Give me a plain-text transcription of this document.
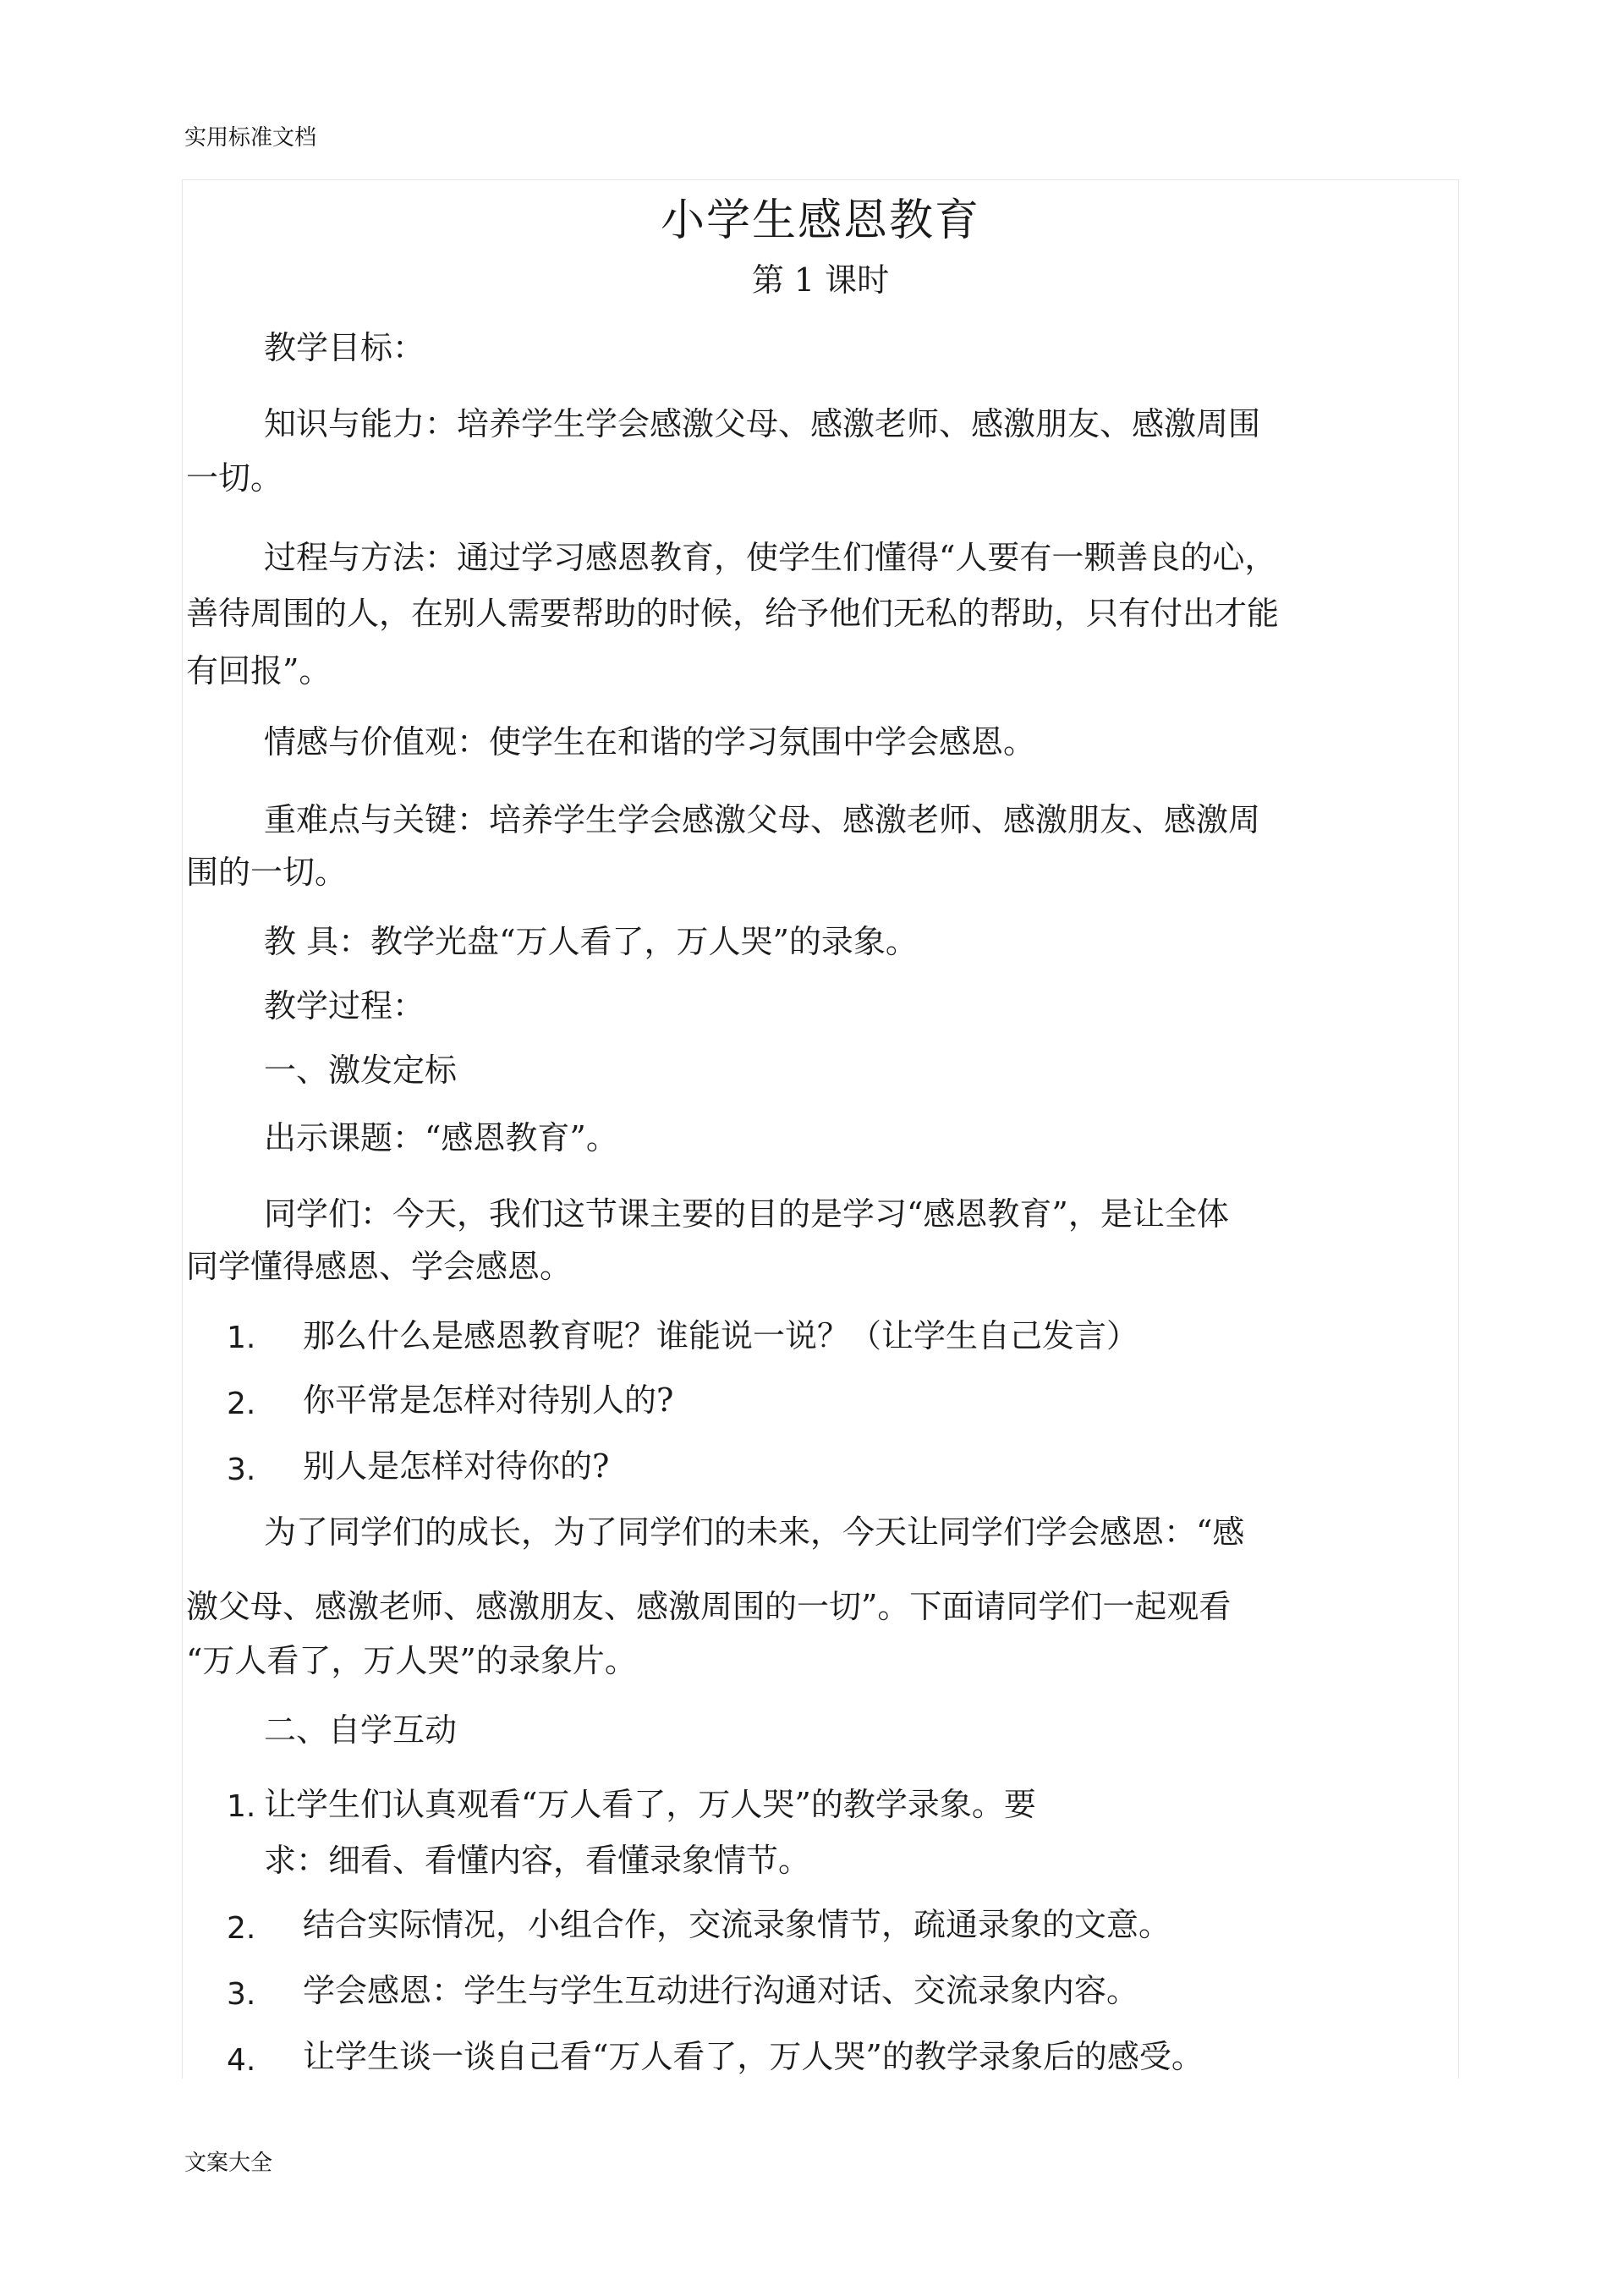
实用标准文档
小学生感恩教育
第 1 课时
教学目标：
知识与能力：培养学生学会感激父母、感激老师、感激朋友、感激周围
一切。
过程与方法：通过学习感恩教育，使学生们懂得“人要有一颗善良的心，
善待周围的人，在别人需要帮助的时候，给予他们无私的帮助，只有付出才能
有回报”。
情感与价值观：使学生在和谐的学习氛围中学会感恩。
重难点与关键：培养学生学会感激父母、感激老师、感激朋友、感激周
围的一切。
教 具：教学光盘“万人看了，万人哭”的录象。
教学过程：
一、激发定标
出示课题：“感恩教育”。
同学们：今天，我们这节课主要的目的是学习“感恩教育”，是让全体
同学懂得感恩、学会感恩。
1. 那么什么是感恩教育呢？谁能说一说？（让学生自己发言）
2. 你平常是怎样对待别人的?
3. 别人是怎样对待你的?
为了同学们的成长，为了同学们的未来，今天让同学们学会感恩：“感
激父母、感激老师、感激朋友、感激周围的一切”。下面请同学们一起观看
“万人看了，万人哭”的录象片。
二、自学互动
1. 让学生们认真观看“万人看了，万人哭”的教学录象。要
求：细看、看懂内容，看懂录象情节。
2. 结合实际情况，小组合作，交流录象情节，疏通录象的文意。
3. 学会感恩：学生与学生互动进行沟通对话、交流录象内容。
4. 让学生谈一谈自己看“万人看了，万人哭”的教学录象后的感受。
文案大全
